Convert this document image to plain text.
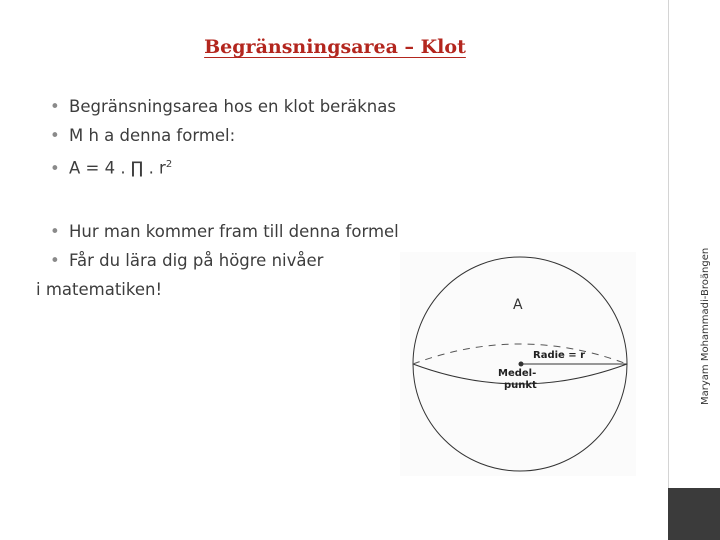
Begränsningsarea – Klot
• Begränsningsarea hos en klot beräknas
• M h a denna formel:
• A = 4 . ∏ . $r^2$
• Hur man kommer fram till denna formel
• Får du lära dig på högre nivåer
i matematiken!
A
Radie = r
Medel-
punkt	Maryam Mohammadi-Broängen
